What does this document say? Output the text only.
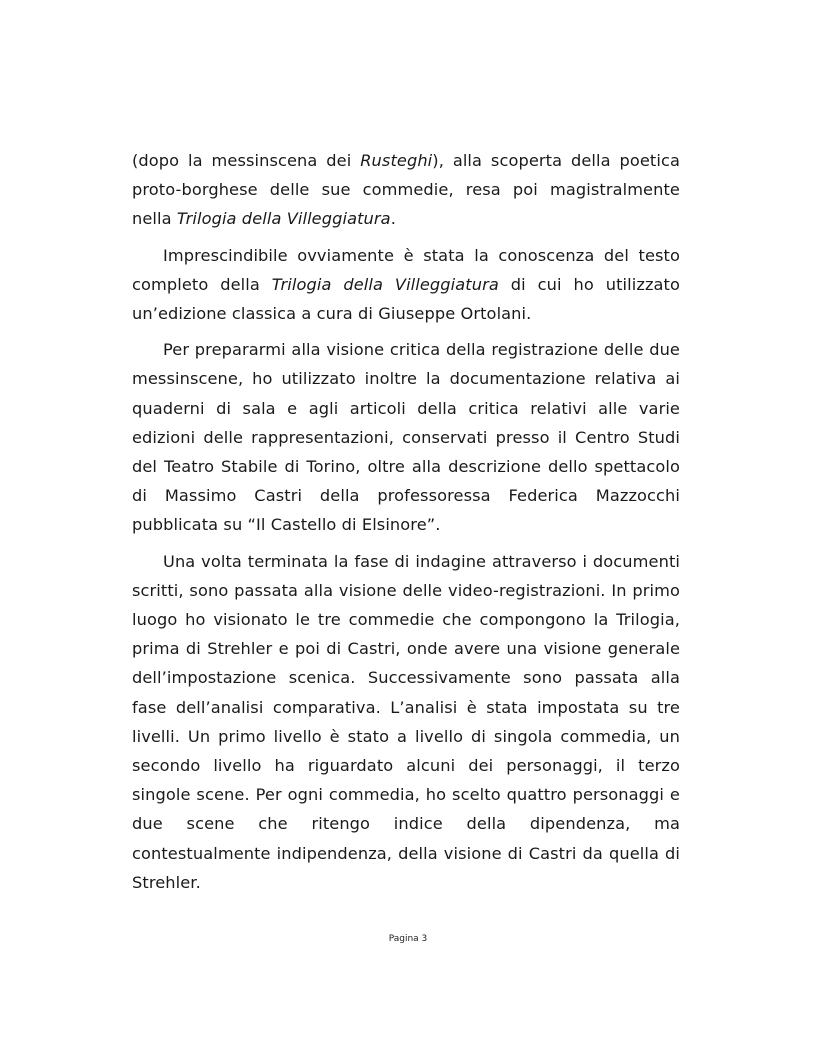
(dopo la messinscena dei Rusteghi), alla scoperta della poetica proto-borghese delle sue commedie, resa poi magistralmente nella Trilogia della Villeggiatura.

Imprescindibile ovviamente è stata la conoscenza del testo completo della Trilogia della Villeggiatura di cui ho utilizzato un’edizione classica a cura di Giuseppe Ortolani.

Per prepararmi alla visione critica della registrazione delle due messinscene, ho utilizzato inoltre la documentazione relativa ai quaderni di sala e agli articoli della critica relativi alle varie edizioni delle rappresentazioni, conservati presso il Centro Studi del Teatro Stabile di Torino, oltre alla descrizione dello spettacolo di Massimo Castri della professoressa Federica Mazzocchi pubblicata su “Il Castello di Elsinore”.

Una volta terminata la fase di indagine attraverso i documenti scritti, sono passata alla visione delle video-registrazioni. In primo luogo ho visionato le tre commedie che compongono la Trilogia, prima di Strehler e poi di Castri, onde avere una visione generale dell’impostazione scenica. Successivamente sono passata alla fase dell’analisi comparativa. L’analisi è stata impostata su tre livelli. Un primo livello è stato a livello di singola commedia, un secondo livello ha riguardato alcuni dei personaggi, il terzo singole scene. Per ogni commedia, ho scelto quattro personaggi e due scene che ritengo indice della dipendenza, ma contestualmente indipendenza, della visione di Castri da quella di Strehler.

Pagina 3
